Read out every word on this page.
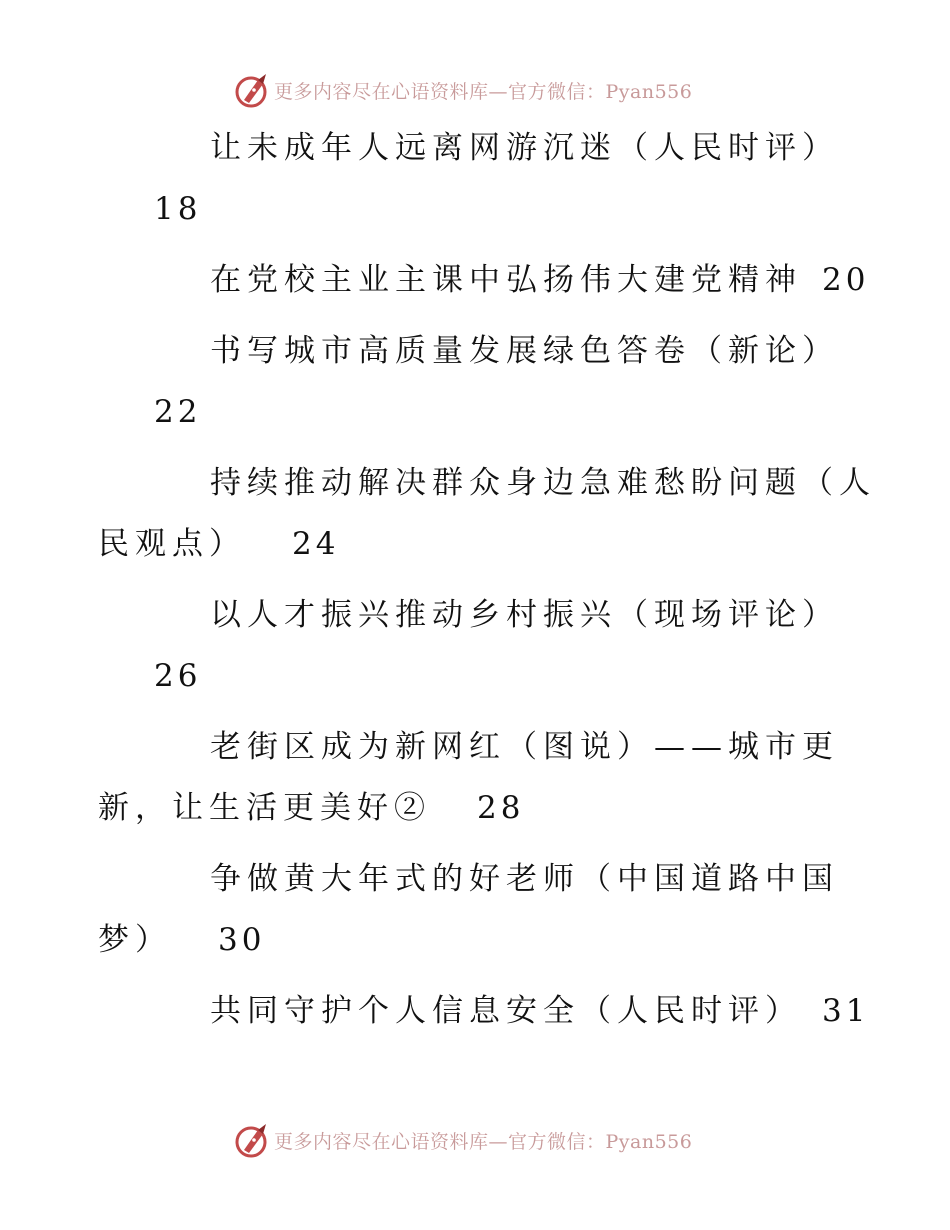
更多内容尽在心语资料库—官方微信：Pyan556
让未成年人远离网游沉迷（人民时评）
18
在党校主业主课中弘扬伟大建党精神 20
书写城市高质量发展绿色答卷（新论）
22
持续推动解决群众身边急难愁盼问题（人
民观点） 24
以人才振兴推动乡村振兴（现场评论）
26
老街区成为新网红（图说）——城市更
新，让生活更美好② 28
争做黄大年式的好老师（中国道路中国
梦） 30
共同守护个人信息安全（人民时评） 31
更多内容尽在心语资料库—官方微信：Pyan556
